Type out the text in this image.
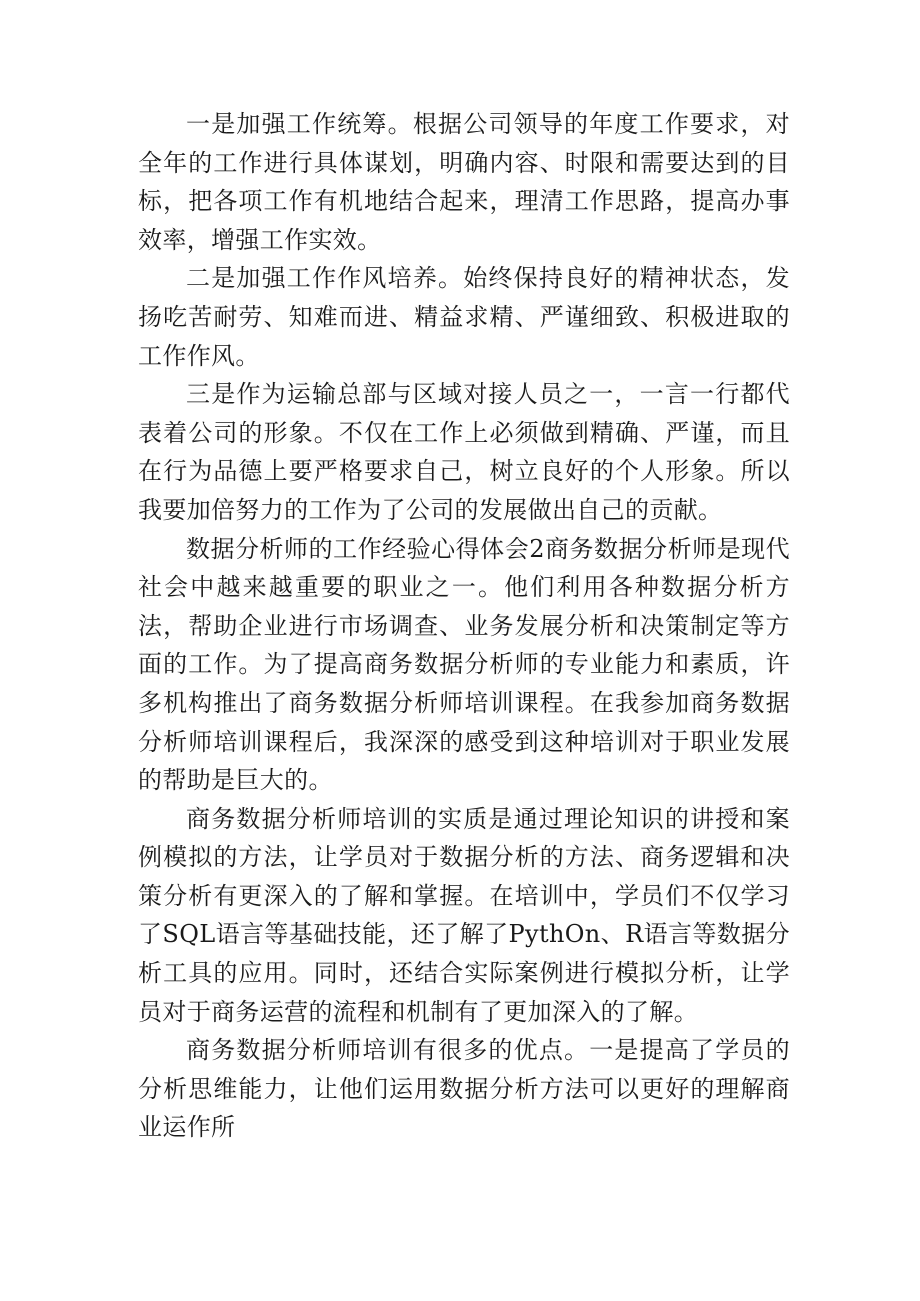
一是加强工作统筹。根据公司领导的年度工作要求，对全年的工作进行具体谋划，明确内容、时限和需要达到的目标，把各项工作有机地结合起来，理清工作思路，提高办事效率，增强工作实效。

二是加强工作作风培养。始终保持良好的精神状态，发扬吃苦耐劳、知难而进、精益求精、严谨细致、积极进取的工作作风。

三是作为运输总部与区域对接人员之一，一言一行都代表着公司的形象。不仅在工作上必须做到精确、严谨，而且在行为品德上要严格要求自己，树立良好的个人形象。所以我要加倍努力的工作为了公司的发展做出自己的贡献。

数据分析师的工作经验心得体会2商务数据分析师是现代社会中越来越重要的职业之一。他们利用各种数据分析方法，帮助企业进行市场调查、业务发展分析和决策制定等方面的工作。为了提高商务数据分析师的专业能力和素质，许多机构推出了商务数据分析师培训课程。在我参加商务数据分析师培训课程后，我深深的感受到这种培训对于职业发展的帮助是巨大的。

商务数据分析师培训的实质是通过理论知识的讲授和案例模拟的方法，让学员对于数据分析的方法、商务逻辑和决策分析有更深入的了解和掌握。在培训中，学员们不仅学习了SQL语言等基础技能，还了解了PythOn、R语言等数据分析工具的应用。同时，还结合实际案例进行模拟分析，让学员对于商务运营的流程和机制有了更加深入的了解。

商务数据分析师培训有很多的优点。一是提高了学员的分析思维能力，让他们运用数据分析方法可以更好的理解商业运作所
